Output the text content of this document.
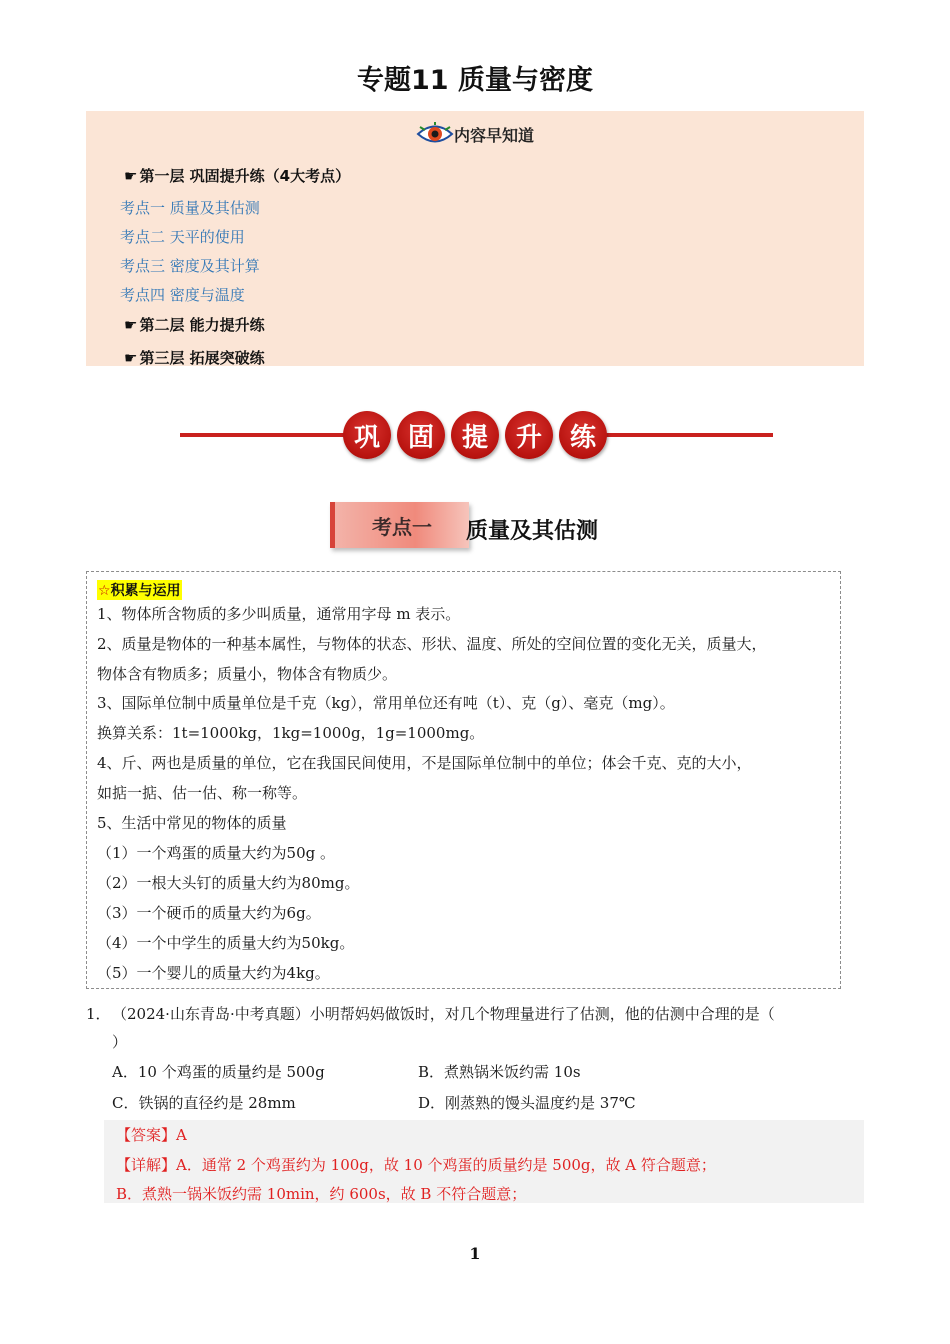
专题11 质量与密度
内容早知道
☛ 第一层 巩固提升练（4大考点）
考点一 质量及其估测
考点二 天平的使用
考点三 密度及其计算
考点四 密度与温度
☛ 第二层 能力提升练
☛ 第三层 拓展突破练
巩	固	提	升	练
考点一	质量及其估测
☆积累与运用
1、物体所含物质的多少叫质量，通常用字母 m 表示。
2、质量是物体的一种基本属性，与物体的状态、形状、温度、所处的空间位置的变化无关，质量大，
物体含有物质多；质量小，物体含有物质少。
3、国际单位制中质量单位是千克（kg），常用单位还有吨（t）、克（g）、毫克（mg）。
换算关系：1t=1000kg，1kg=1000g，1g=1000mg。
4、斤、两也是质量的单位，它在我国民间使用，不是国际单位制中的单位；体会千克、克的大小，
如掂一掂、估一估、称一称等。
5、生活中常见的物体的质量
（1）一个鸡蛋的质量大约为50g 。
（2）一根大头钉的质量大约为80mg。
（3）一个硬币的质量大约为6g。
（4）一个中学生的质量大约为50kg。
（5）一个婴儿的质量大约为4kg。
1． （2024·山东青岛·中考真题）小明帮妈妈做饭时，对几个物理量进行了估测，他的估测中合理的是（
）
A．10 个鸡蛋的质量约是 500g	B．煮熟锅米饭约需 10s
C．铁锅的直径约是 28mm	D．刚蒸熟的馒头温度约是 37℃
【答案】A
【详解】A．通常 2 个鸡蛋约为 100g，故 10 个鸡蛋的质量约是 500g，故 A 符合题意；
B．煮熟一锅米饭约需 10min，约 600s，故 B 不符合题意；
1
